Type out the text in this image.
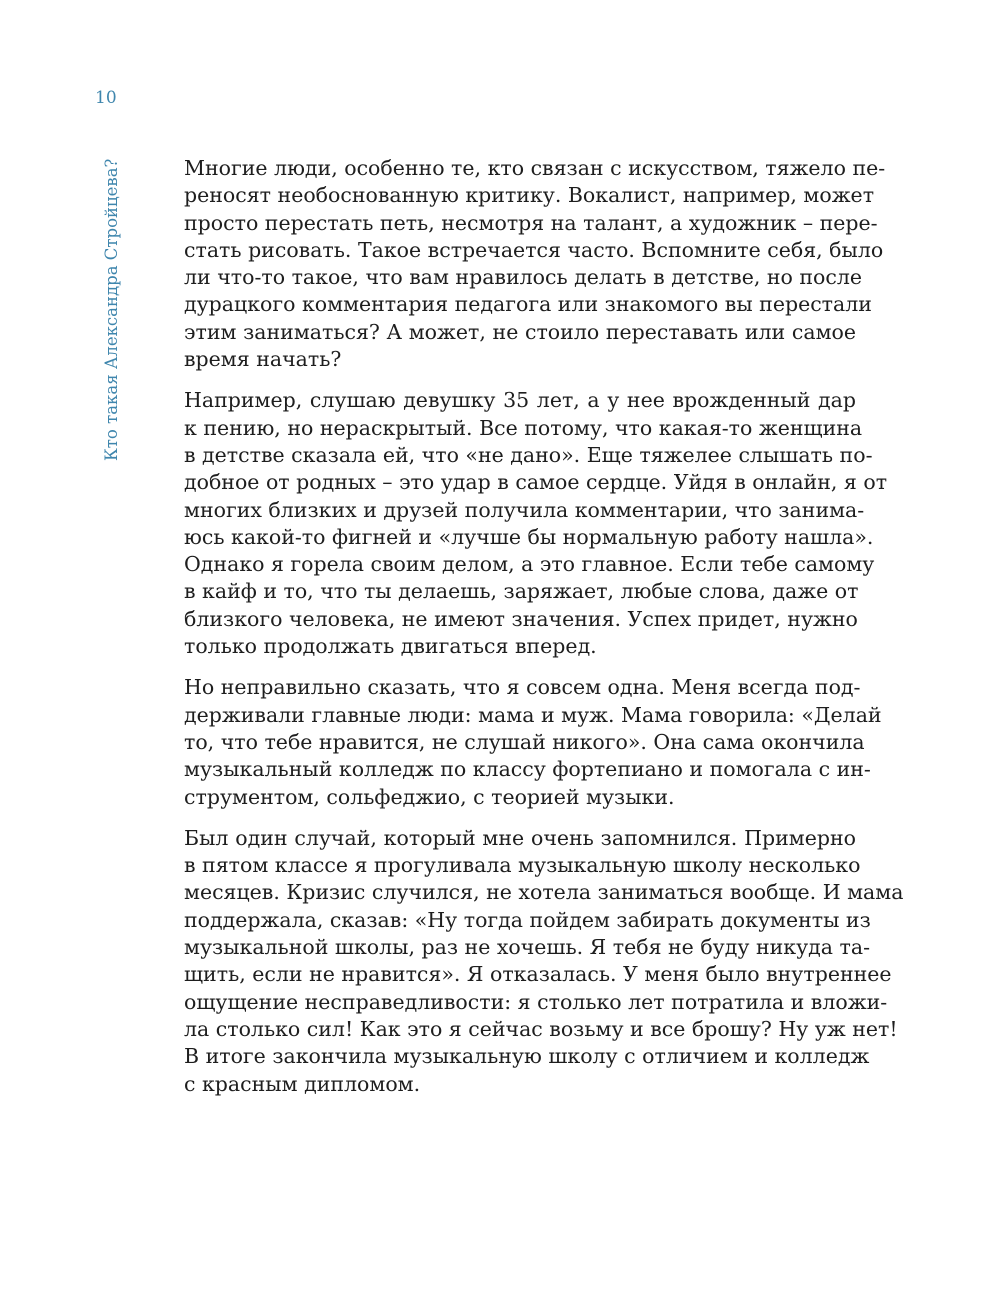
10
Кто такая Александра Стройцева?	Многие люди, особенно те, кто связан с искусством, тяжело пе-
реносят необоснованную критику. Вокалист, например, может
просто перестать петь, несмотря на талант, а художник – пере-
стать рисовать. Такое встречается часто. Вспомните себя, было
ли что-то такое, что вам нравилось делать в детстве, но после
дурацкого комментария педагога или знакомого вы перестали
этим заниматься? А может, не стоило переставать или самое
время начать?
Например, слушаю девушку 35 лет, а у нее врожденный дар
к пению, но нераскрытый. Все потому, что какая-то женщина
в детстве сказала ей, что «не дано». Еще тяжелее слышать по-
добное от родных – это удар в самое сердце. Уйдя в онлайн, я от
многих близких и друзей получила комментарии, что занима-
юсь какой-то фигней и «лучше бы нормальную работу нашла».
Однако я горела своим делом, а это главное. Если тебе самому
в кайф и то, что ты делаешь, заряжает, любые слова, даже от
близкого человека, не имеют значения. Успех придет, нужно
только продолжать двигаться вперед.
Но неправильно сказать, что я совсем одна. Меня всегда под-
держивали главные люди: мама и муж. Мама говорила: «Делай
то, что тебе нравится, не слушай никого». Она сама окончила
музыкальный колледж по классу фортепиано и помогала с ин-
струментом, сольфеджио, с теорией музыки.
Был один случай, который мне очень запомнился. Примерно
в пятом классе я прогуливала музыкальную школу несколько
месяцев. Кризис случился, не хотела заниматься вообще. И мама
поддержала, сказав: «Ну тогда пойдем забирать документы из
музыкальной школы, раз не хочешь. Я тебя не буду никуда та-
щить, если не нравится». Я отказалась. У меня было внутреннее
ощущение несправедливости: я столько лет потратила и вложи-
ла столько сил! Как это я сейчас возьму и все брошу? Ну уж нет!
В итоге закончила музыкальную школу с отличием и колледж
с красным дипломом.
